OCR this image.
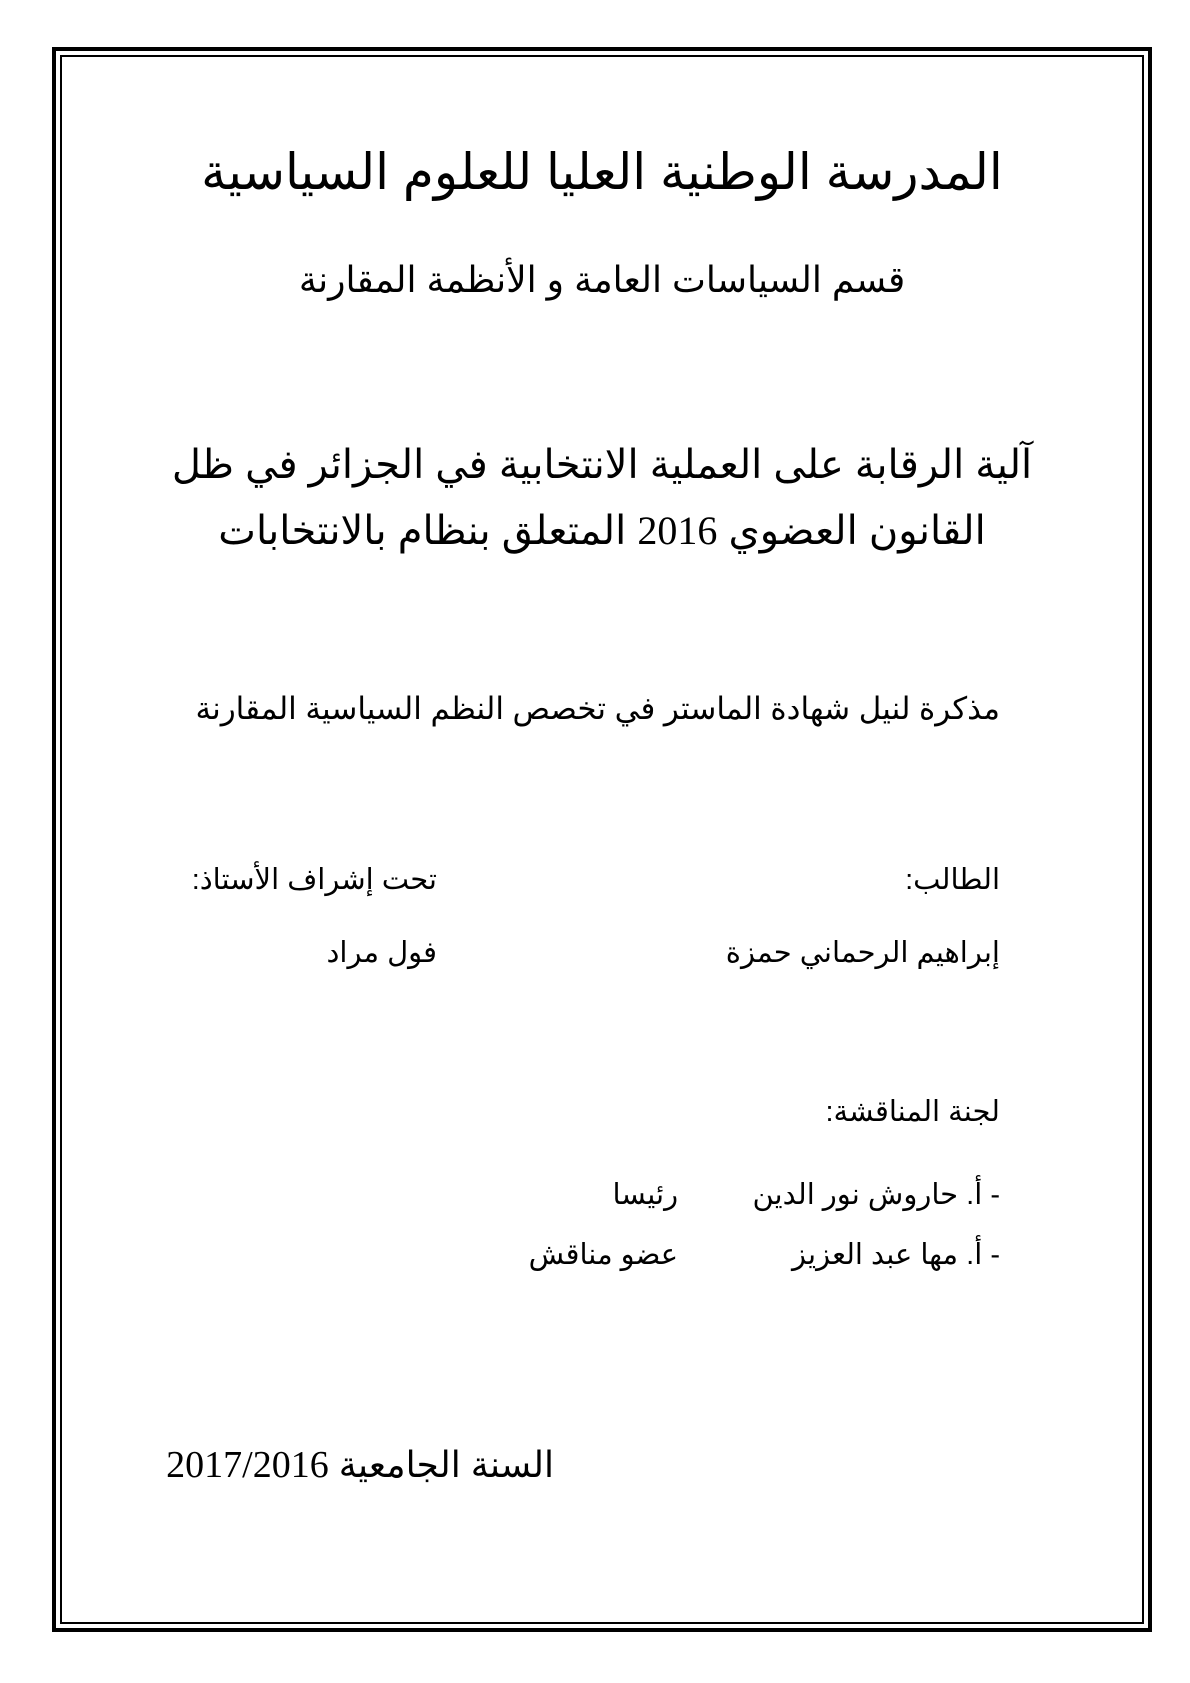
المدرسة الوطنية العليا للعلوم السياسية
قسم السياسات العامة و الأنظمة المقارنة
آلية الرقابة على العملية الانتخابية في الجزائر في ظل
القانون العضوي 2016 المتعلق بنظام بالانتخابات
مذكرة لنيل شهادة الماستر في تخصص النظم السياسية المقارنة
الطالب:
تحت إشراف الأستاذ:
إبراهيم الرحماني حمزة
فول مراد
لجنة المناقشة:
- أ. حاروش نور الدينرئيسا
- أ. مها عبد العزيزعضو مناقش
السنة الجامعية 2017/2016
